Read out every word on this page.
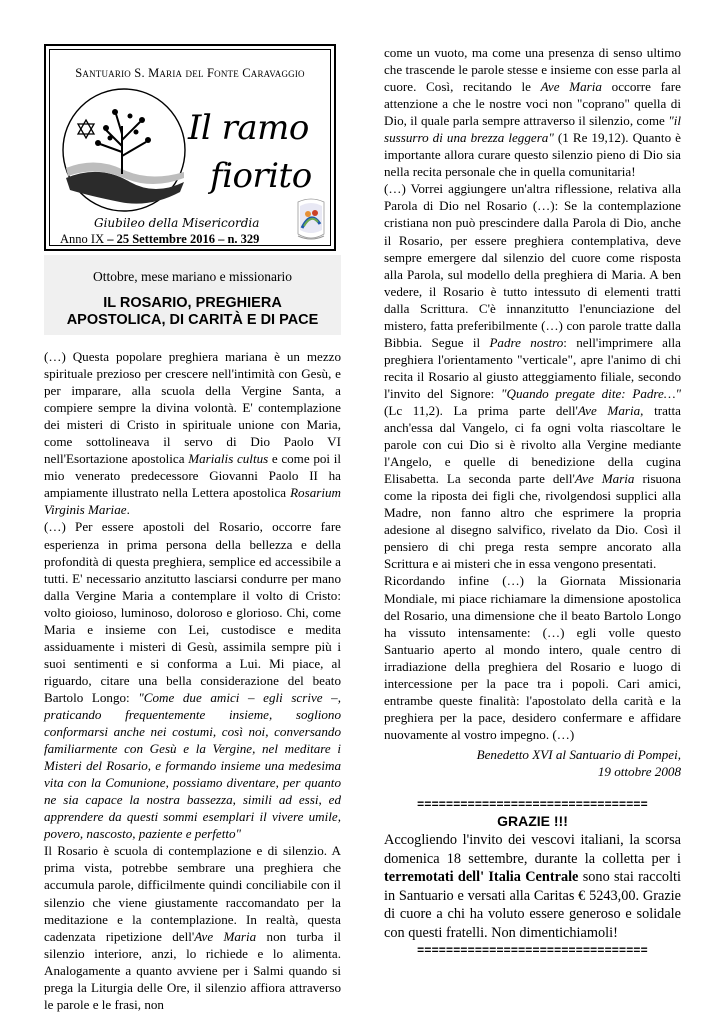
Santuario S. Maria del Fonte Caravaggio
Il ramo
fiorito
Giubileo della Misericordia
Anno IX – 25 Settembre 2016 – n. 329
Ottobre, mese mariano e missionario
IL ROSARIO, PREGHIERA
APOSTOLICA, DI CARITÀ E DI PACE

(…) Questa popolare preghiera mariana è un mezzo spirituale prezioso per crescere nell'intimità con Gesù, e per imparare, alla scuola della Vergine Santa, a compiere sempre la divina volontà. E' contemplazione dei misteri di Cristo in spirituale unione con Maria, come sottolineava il servo di Dio Paolo VI nell'Esortazione apostolica Marialis cultus e come poi il mio venerato predecessore Giovanni Paolo II ha ampiamente illustrato nella Lettera apostolica Rosarium Virginis Mariae.

(…) Per essere apostoli del Rosario, occorre fare esperienza in prima persona della bellezza e della profondità di questa preghiera, semplice ed accessibile a tutti. E' necessario anzitutto lasciarsi condurre per mano dalla Vergine Maria a contemplare il volto di Cristo: volto gioioso, luminoso, doloroso e glorioso. Chi, come Maria e insieme con Lei, custodisce e medita assiduamente i misteri di Gesù, assimila sempre più i suoi sentimenti e si conforma a Lui. Mi piace, al riguardo, citare una bella considerazione del beato Bartolo Longo: "Come due amici – egli scrive –, praticando frequentemente insieme, sogliono conformarsi anche nei costumi, così noi, conversando familiarmente con Gesù e la Vergine, nel meditare i Misteri del Rosario, e formando insieme una medesima vita con la Comunione, possiamo diventare, per quanto ne sia capace la nostra bassezza, simili ad essi, ed apprendere da questi sommi esemplari il vivere umile, povero, nascosto, paziente e perfetto"

Il Rosario è scuola di contemplazione e di silenzio. A prima vista, potrebbe sembrare una preghiera che accumula parole, difficilmente quindi conciliabile con il silenzio che viene giustamente raccomandato per la meditazione e la contemplazione. In realtà, questa cadenzata ripetizione dell'Ave Maria non turba il silenzio interiore, anzi, lo richiede e lo alimenta. Analogamente a quanto avviene per i Salmi quando si prega la Liturgia delle Ore, il silenzio affiora attraverso le parole e le frasi, non

come un vuoto, ma come una presenza di senso ultimo che trascende le parole stesse e insieme con esse parla al cuore. Così, recitando le Ave Maria occorre fare attenzione a che le nostre voci non "coprano" quella di Dio, il quale parla sempre attraverso il silenzio, come "il sussurro di una brezza leggera" (1 Re 19,12). Quanto è importante allora curare questo silenzio pieno di Dio sia nella recita personale che in quella comunitaria!

(…) Vorrei aggiungere un'altra riflessione, relativa alla Parola di Dio nel Rosario (…): Se la contemplazione cristiana non può prescindere dalla Parola di Dio, anche il Rosario, per essere preghiera contemplativa, deve sempre emergere dal silenzio del cuore come risposta alla Parola, sul modello della preghiera di Maria. A ben vedere, il Rosario è tutto intessuto di elementi tratti dalla Scrittura. C'è innanzitutto l'enunciazione del mistero, fatta preferibilmente (…) con parole tratte dalla Bibbia. Segue il Padre nostro: nell'imprimere alla preghiera l'orientamento "verticale", apre l'animo di chi recita il Rosario al giusto atteggiamento filiale, secondo l'invito del Signore: "Quando pregate dite: Padre…" (Lc 11,2). La prima parte dell'Ave Maria, tratta anch'essa dal Vangelo, ci fa ogni volta riascoltare le parole con cui Dio si è rivolto alla Vergine mediante l'Angelo, e quelle di benedizione della cugina Elisabetta. La seconda parte dell'Ave Maria risuona come la riposta dei figli che, rivolgendosi supplici alla Madre, non fanno altro che esprimere la propria adesione al disegno salvifico, rivelato da Dio. Così il pensiero di chi prega resta sempre ancorato alla Scrittura e ai misteri che in essa vengono presentati.

Ricordando infine (…) la Giornata Missionaria Mondiale, mi piace richiamare la dimensione apostolica del Rosario, una dimensione che il beato Bartolo Longo ha vissuto intensamente: (…) egli volle questo Santuario aperto al mondo intero, quale centro di irradiazione della preghiera del Rosario e luogo di intercessione per la pace tra i popoli. Cari amici, entrambe queste finalità: l'apostolato della carità e la preghiera per la pace, desidero confermare e affidare nuovamente al vostro impegno. (…)

Benedetto XVI al Santuario di Pompei,
19 ottobre 2008
================================
GRAZIE !!!
Accogliendo l'invito dei vescovi italiani, la scorsa domenica 18 settembre, durante la colletta per i terremotati dell' Italia Centrale sono stai raccolti in Santuario e versati alla Caritas € 5243,00. Grazie di cuore a chi ha voluto essere generoso e solidale con questi fratelli. Non dimentichiamoli!
================================
